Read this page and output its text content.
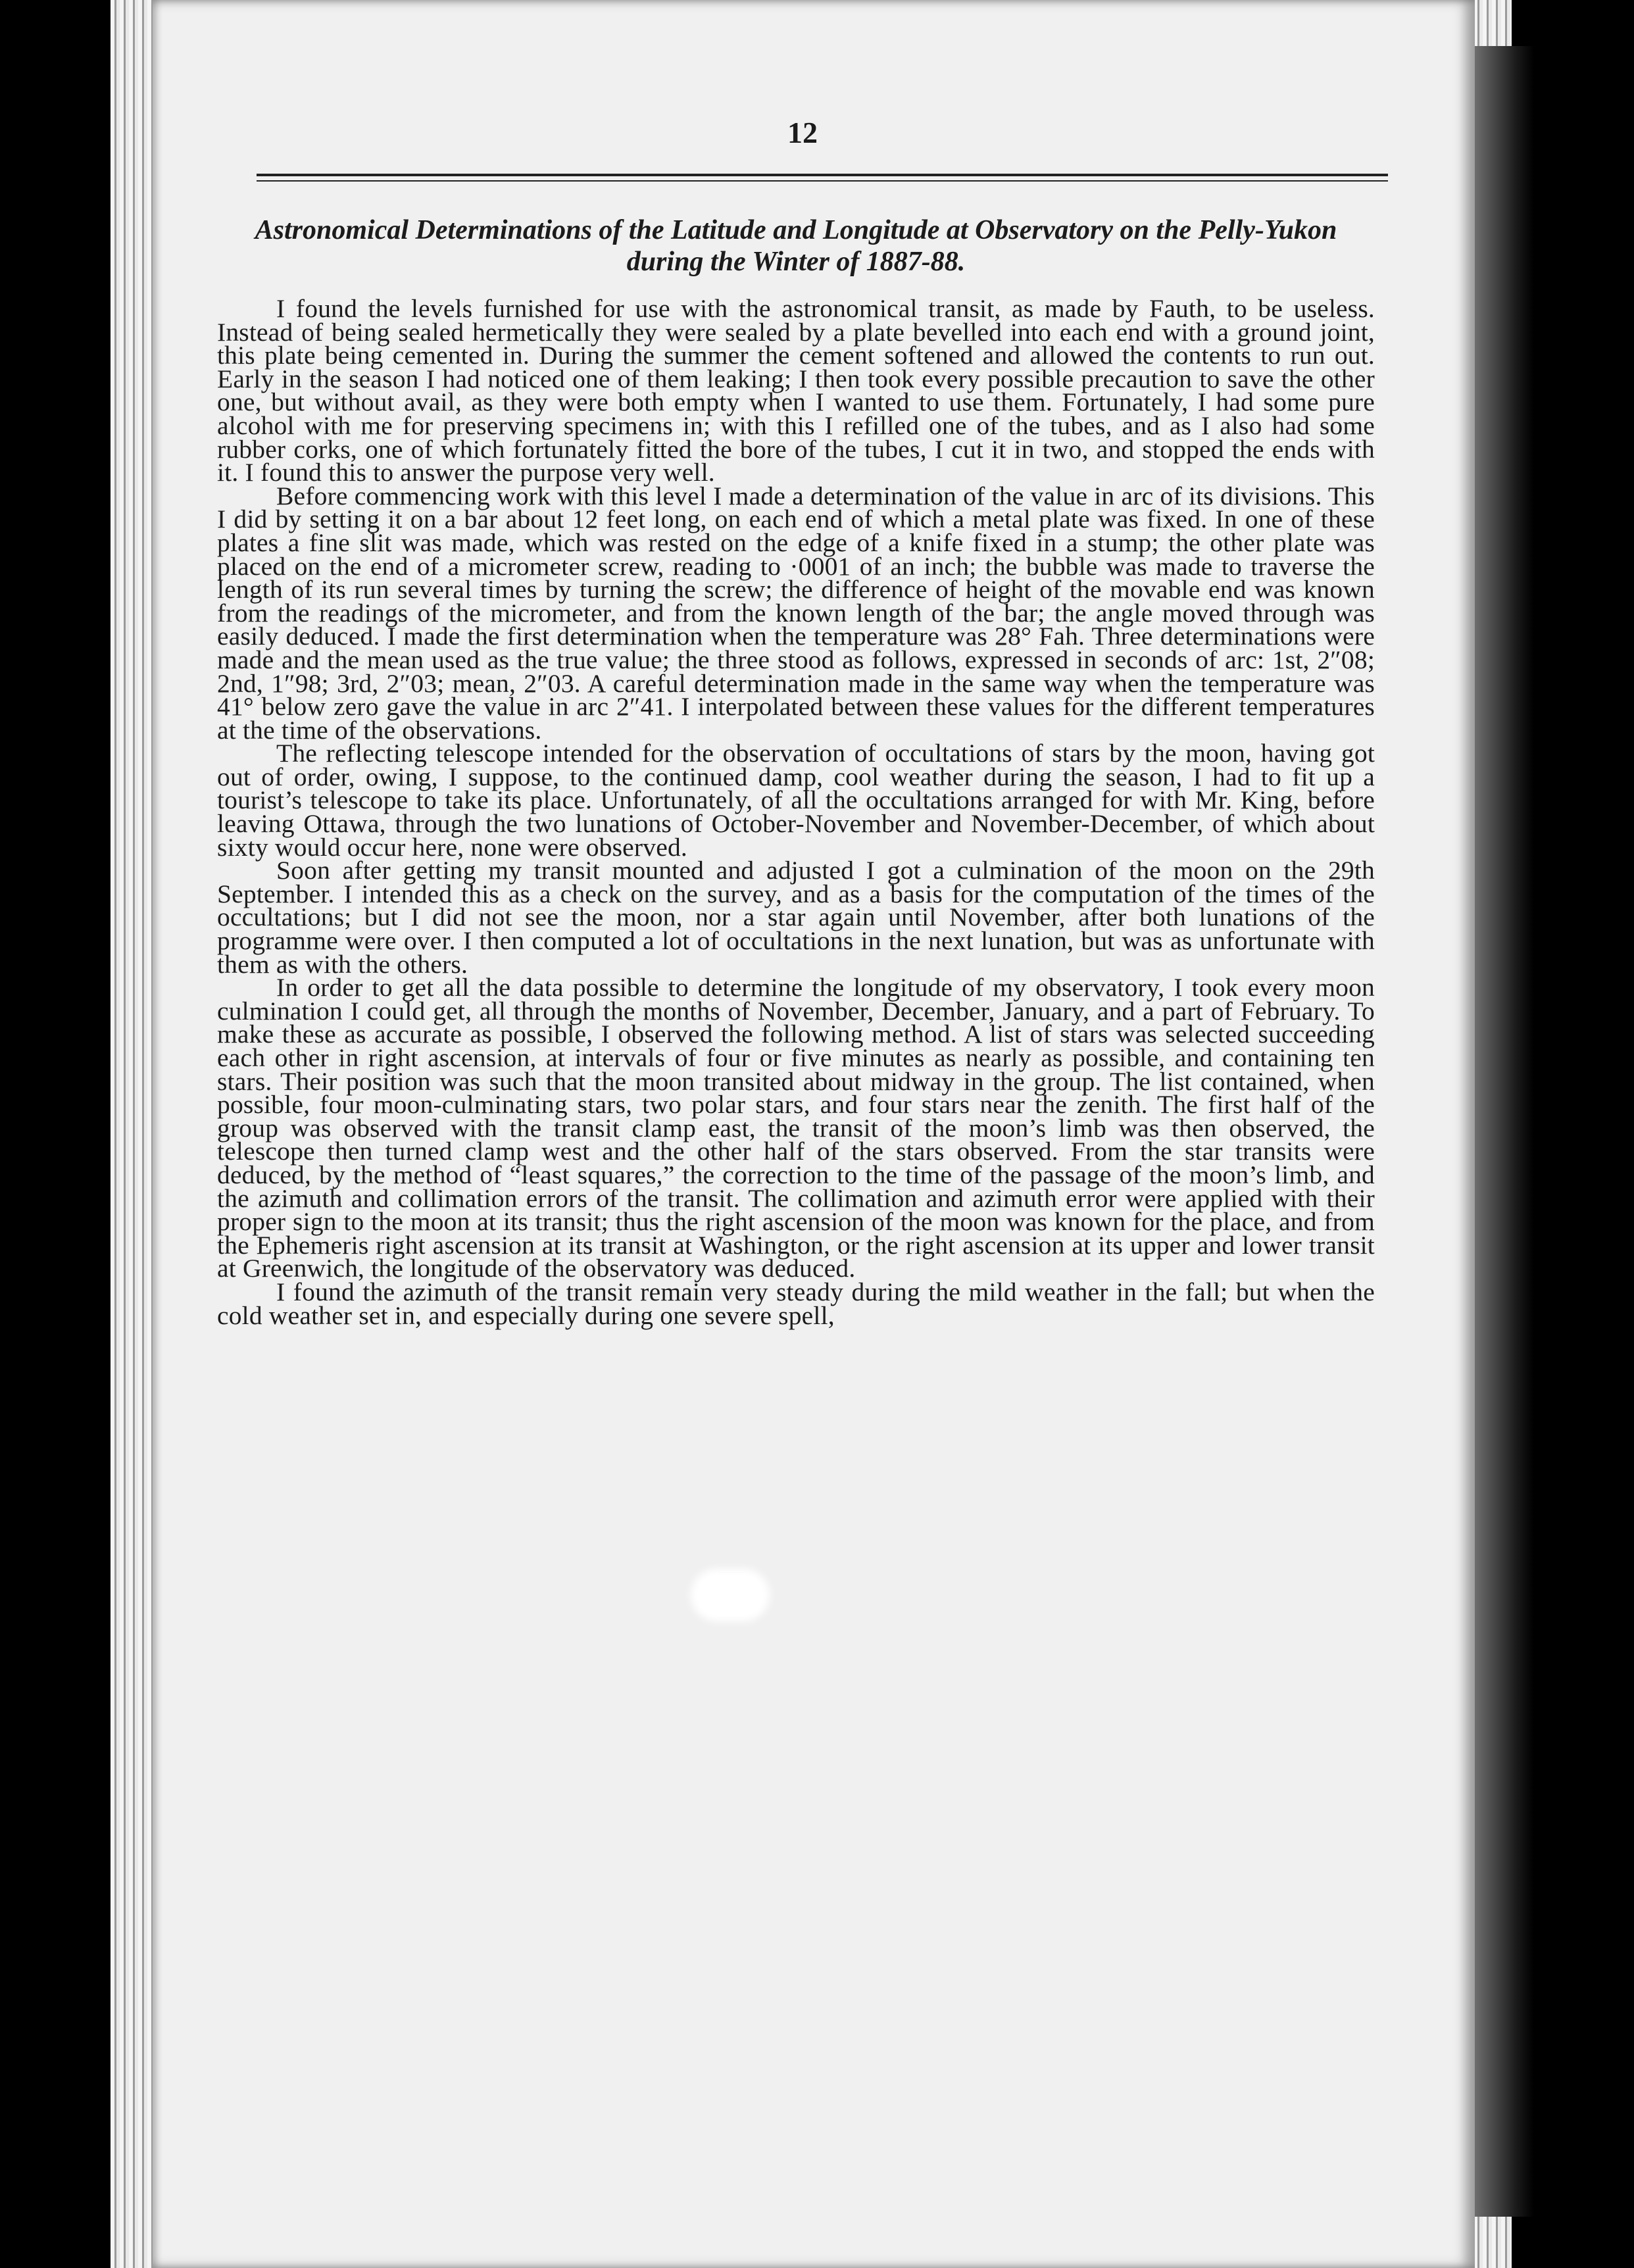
12
Astronomical Determinations of the Latitude and Longitude at Observatory on the Pelly-Yukon during the Winter of 1887-88.

I found the levels furnished for use with the astronomical transit, as made by Fauth, to be useless. Instead of being sealed hermetically they were sealed by a plate bevelled into each end with a ground joint, this plate being cemented in. During the summer the cement softened and allowed the contents to run out. Early in the season I had noticed one of them leaking; I then took every possible precaution to save the other one, but without avail, as they were both empty when I wanted to use them. Fortunately, I had some pure alcohol with me for preserving specimens in; with this I refilled one of the tubes, and as I also had some rubber corks, one of which fortunately fitted the bore of the tubes, I cut it in two, and stopped the ends with it. I found this to answer the purpose very well.

Before commencing work with this level I made a determination of the value in arc of its divisions. This I did by setting it on a bar about 12 feet long, on each end of which a metal plate was fixed. In one of these plates a fine slit was made, which was rested on the edge of a knife fixed in a stump; the other plate was placed on the end of a micrometer screw, reading to ·0001 of an inch; the bubble was made to traverse the length of its run several times by turning the screw; the difference of height of the movable end was known from the readings of the micrometer, and from the known length of the bar; the angle moved through was easily deduced. I made the first determination when the temperature was 28° Fah. Three determinations were made and the mean used as the true value; the three stood as follows, expressed in seconds of arc: 1st, 2″08; 2nd, 1″98; 3rd, 2″03; mean, 2″03. A careful determination made in the same way when the temperature was 41° below zero gave the value in arc 2″41. I interpolated between these values for the different temperatures at the time of the observations.

The reflecting telescope intended for the observation of occultations of stars by the moon, having got out of order, owing, I suppose, to the continued damp, cool weather during the season, I had to fit up a tourist’s telescope to take its place. Unfortunately, of all the occultations arranged for with Mr. King, before leaving Ottawa, through the two lunations of October-November and November-December, of which about sixty would occur here, none were observed.

Soon after getting my transit mounted and adjusted I got a culmination of the moon on the 29th September. I intended this as a check on the survey, and as a basis for the computation of the times of the occultations; but I did not see the moon, nor a star again until November, after both lunations of the programme were over. I then computed a lot of occultations in the next lunation, but was as unfortunate with them as with the others.

In order to get all the data possible to determine the longitude of my observatory, I took every moon culmination I could get, all through the months of November, December, January, and a part of February. To make these as accurate as possible, I observed the following method. A list of stars was selected succeeding each other in right ascension, at intervals of four or five minutes as nearly as possible, and containing ten stars. Their position was such that the moon transited about midway in the group. The list contained, when possible, four moon-culminating stars, two polar stars, and four stars near the zenith. The first half of the group was observed with the transit clamp east, the transit of the moon’s limb was then observed, the telescope then turned clamp west and the other half of the stars observed. From the star transits were deduced, by the method of “least squares,” the correction to the time of the passage of the moon’s limb, and the azimuth and collimation errors of the transit. The collimation and azimuth error were applied with their proper sign to the moon at its transit; thus the right ascension of the moon was known for the place, and from the Ephemeris right ascension at its transit at Washington, or the right ascension at its upper and lower transit at Greenwich, the longitude of the observatory was deduced.

I found the azimuth of the transit remain very steady during the mild weather in the fall; but when the cold weather set in, and especially during one severe spell,
